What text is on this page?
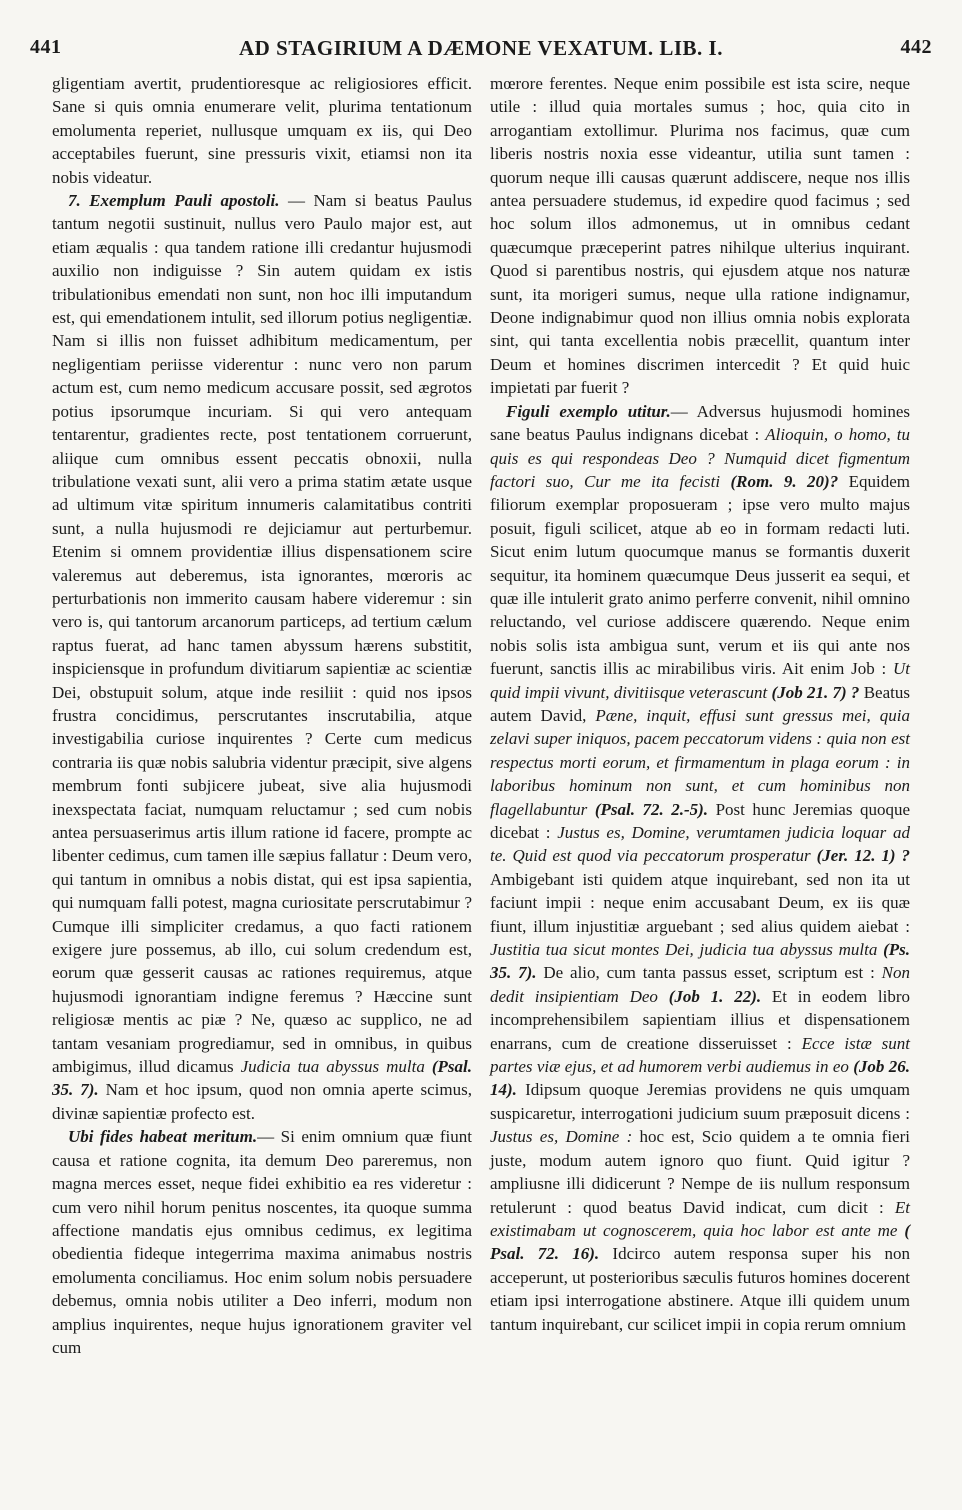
441	AD STAGIRIUM A DÆMONE VEXATUM. LIB. I.	442

gligentiam avertit, prudentioresque ac religiosiores efficit. Sane si quis omnia enumerare velit, plurima tentationum emolumenta reperiet, nullusque umquam ex iis, qui Deo acceptabiles fuerunt, sine pressuris vixit, etiamsi non ita nobis videatur.

7. Exemplum Pauli apostoli. — Nam si beatus Paulus tantum negotii sustinuit, nullus vero Paulo major est, aut etiam æqualis : qua tandem ratione illi credantur hujusmodi auxilio non indiguisse ? Sin autem quidam ex istis tribulationibus emendati non sunt, non hoc illi imputandum est, qui emendationem intulit, sed illorum potius negligentiæ. Nam si illis non fuisset adhibitum medicamentum, per negligentiam periisse viderentur : nunc vero non parum actum est, cum nemo medicum accusare possit, sed ægrotos potius ipsorumque incuriam. Si qui vero antequam tentarentur, gradientes recte, post tentationem corruerunt, aliique cum omnibus essent peccatis obnoxii, nulla tribulatione vexati sunt, alii vero a prima statim ætate usque ad ultimum vitæ spiritum innumeris calamitatibus contriti sunt, a nulla hujusmodi re dejiciamur aut perturbemur. Etenim si omnem providentiæ illius dispensationem scire valeremus aut deberemus, ista ignorantes, mœroris ac perturbationis non immerito causam habere videremur : sin vero is, qui tantorum arcanorum particeps, ad tertium cælum raptus fuerat, ad hanc tamen abyssum hærens substitit, inspiciensque in profundum divitiarum sapientiæ ac scientiæ Dei, obstupuit solum, atque inde resiliit : quid nos ipsos frustra concidimus, perscrutantes inscrutabilia, atque investigabilia curiose inquirentes ? Certe cum medicus contraria iis quæ nobis salubria videntur præcipit, sive algens membrum fonti subjicere jubeat, sive alia hujusmodi inexspectata faciat, numquam reluctamur ; sed cum nobis antea persuaserimus artis illum ratione id facere, prompte ac libenter cedimus, cum tamen ille sæpius fallatur : Deum vero, qui tantum in omnibus a nobis distat, qui est ipsa sapientia, qui numquam falli potest, magna curiositate perscrutabimur ? Cumque illi simpliciter credamus, a quo facti rationem exigere jure possemus, ab illo, cui solum credendum est, eorum quæ gesserit causas ac rationes requiremus, atque hujusmodi ignorantiam indigne feremus ? Hæccine sunt religiosæ mentis ac piæ ? Ne, quæso ac supplico, ne ad tantam vesaniam progrediamur, sed in omnibus, in quibus ambigimus, illud dicamus Judicia tua abyssus multa (Psal. 35. 7). Nam et hoc ipsum, quod non omnia aperte scimus, divinæ sapientiæ profecto est.

Ubi fides habeat meritum.— Si enim omnium quæ fiunt causa et ratione cognita, ita demum Deo pareremus, non magna merces esset, neque fidei exhibitio ea res videretur : cum vero nihil horum penitus noscentes, ita quoque summa affectione mandatis ejus omnibus cedimus, ex legitima obedientia fideque integerrima maxima animabus nostris emolumenta conciliamus. Hoc enim solum nobis persuadere debemus, omnia nobis utiliter a Deo inferri, modum non amplius inquirentes, neque hujus ignorationem graviter vel cum

mœrore ferentes. Neque enim possibile est ista scire, neque utile : illud quia mortales sumus ; hoc, quia cito in arrogantiam extollimur. Plurima nos facimus, quæ cum liberis nostris noxia esse videantur, utilia sunt tamen : quorum neque illi causas quærunt addiscere, neque nos illis antea persuadere studemus, id expedire quod facimus ; sed hoc solum illos admonemus, ut in omnibus cedant quæcumque præceperint patres nihilque ulterius inquirant. Quod si parentibus nostris, qui ejusdem atque nos naturæ sunt, ita morigeri sumus, neque ulla ratione indignamur, Deone indignabimur quod non illius omnia nobis explorata sint, qui tanta excellentia nobis præcellit, quantum inter Deum et homines discrimen intercedit ? Et quid huic impietati par fuerit ?

Figuli exemplo utitur.— Adversus hujusmodi homines sane beatus Paulus indignans dicebat : Alioquin, o homo, tu quis es qui respondeas Deo ? Numquid dicet figmentum factori suo, Cur me ita fecisti (Rom. 9. 20)? Equidem filiorum exemplar proposueram ; ipse vero multo majus posuit, figuli scilicet, atque ab eo in formam redacti luti. Sicut enim lutum quocumque manus se formantis duxerit sequitur, ita hominem quæcumque Deus jusserit ea sequi, et quæ ille intulerit grato animo perferre convenit, nihil omnino reluctando, vel curiose addiscere quærendo. Neque enim nobis solis ista ambigua sunt, verum et iis qui ante nos fuerunt, sanctis illis ac mirabilibus viris. Ait enim Job : Ut quid impii vivunt, divitiisque veterascunt (Job 21. 7) ? Beatus autem David, Pæne, inquit, effusi sunt gressus mei, quia zelavi super iniquos, pacem peccatorum videns : quia non est respectus morti eorum, et firmamentum in plaga eorum : in laboribus hominum non sunt, et cum hominibus non flagellabuntur (Psal. 72. 2.-5). Post hunc Jeremias quoque dicebat : Justus es, Domine, verumtamen judicia loquar ad te. Quid est quod via peccatorum prosperatur (Jer. 12. 1) ? Ambigebant isti quidem atque inquirebant, sed non ita ut faciunt impii : neque enim accusabant Deum, ex iis quæ fiunt, illum injustitiæ arguebant ; sed alius quidem aiebat : Justitia tua sicut montes Dei, judicia tua abyssus multa (Ps. 35. 7). De alio, cum tanta passus esset, scriptum est : Non dedit insipientiam Deo (Job 1. 22). Et in eodem libro incomprehensibilem sapientiam illius et dispensationem enarrans, cum de creatione disseruisset : Ecce istæ sunt partes viæ ejus, et ad humorem verbi audiemus in eo (Job 26. 14). Idipsum quoque Jeremias providens ne quis umquam suspicaretur, interrogationi judicium suum præposuit dicens : Justus es, Domine : hoc est, Scio quidem a te omnia fieri juste, modum autem ignoro quo fiunt. Quid igitur ? ampliusne illi didicerunt ? Nempe de iis nullum responsum retulerunt : quod beatus David indicat, cum dicit : Et existimabam ut cognoscerem, quia hoc labor est ante me ( Psal. 72. 16). Idcirco autem responsa super his non acceperunt, ut posterioribus sæculis futuros homines docerent etiam ipsi interrogatione abstinere. Atque illi quidem unum tantum inquirebant, cur scilicet impii in copia rerum omnium
